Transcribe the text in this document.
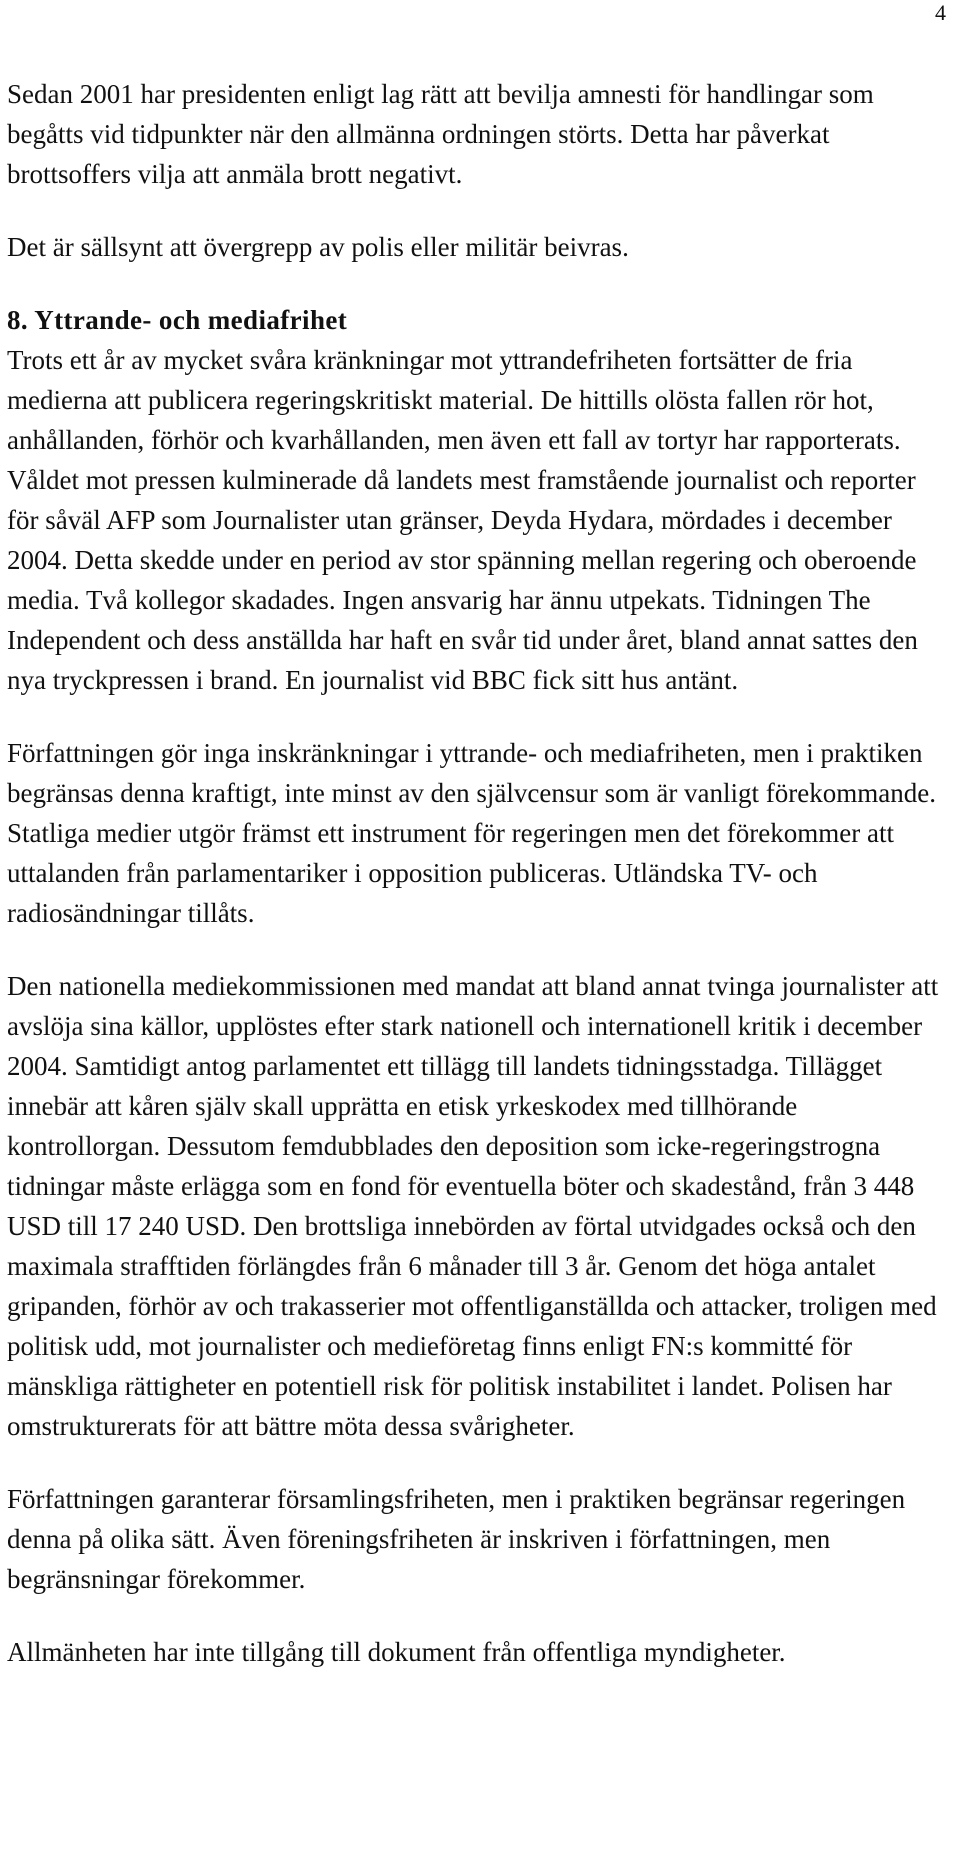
4

Sedan 2001 har presidenten enligt lag rätt att bevilja amnesti för handlingar som begåtts vid tidpunkter när den allmänna ordningen störts. Detta har påverkat brottsoffers vilja att anmäla brott negativt.

Det är sällsynt att övergrepp av polis eller militär beivras.

8. Yttrande- och mediafrihet

Trots ett år av mycket svåra kränkningar mot yttrandefriheten fortsätter de fria medierna att publicera regeringskritiskt material. De hittills olösta fallen rör hot, anhållanden, förhör och kvarhållanden, men även ett fall av tortyr har rapporterats. Våldet mot pressen kulminerade då landets mest framstående journalist och reporter för såväl AFP som Journalister utan gränser, Deyda Hydara, mördades i december 2004. Detta skedde under en period av stor spänning mellan regering och oberoende media. Två kollegor skadades. Ingen ansvarig har ännu utpekats. Tidningen The Independent och dess anställda har haft en svår tid under året, bland annat sattes den nya tryckpressen i brand. En journalist vid BBC fick sitt hus antänt.

Författningen gör inga inskränkningar i yttrande- och mediafriheten, men i praktiken begränsas denna kraftigt, inte minst av den självcensur som är vanligt förekommande. Statliga medier utgör främst ett instrument för regeringen men det förekommer att uttalanden från parlamentariker i opposition publiceras. Utländska TV- och radiosändningar tillåts.

Den nationella mediekommissionen med mandat att bland annat tvinga journalister att avslöja sina källor, upplöstes efter stark nationell och internationell kritik i december 2004. Samtidigt antog parlamentet ett tillägg till landets tidningsstadga. Tillägget innebär att kåren själv skall upprätta en etisk yrkeskodex med tillhörande kontrollorgan. Dessutom femdubblades den deposition som icke-regeringstrogna tidningar måste erlägga som en fond för eventuella böter och skadestånd, från 3 448 USD till 17 240 USD. Den brottsliga innebörden av förtal utvidgades också och den maximala strafftiden förlängdes från 6 månader till 3 år. Genom det höga antalet gripanden, förhör av och trakasserier mot offentliganställda och attacker, troligen med politisk udd, mot journalister och medieföretag finns enligt FN:s kommitté för mänskliga rättigheter en potentiell risk för politisk instabilitet i landet. Polisen har omstrukturerats för att bättre möta dessa svårigheter.

Författningen garanterar församlingsfriheten, men i praktiken begränsar regeringen denna på olika sätt. Även föreningsfriheten är inskriven i författningen, men begränsningar förekommer.

Allmänheten har inte tillgång till dokument från offentliga myndigheter.
